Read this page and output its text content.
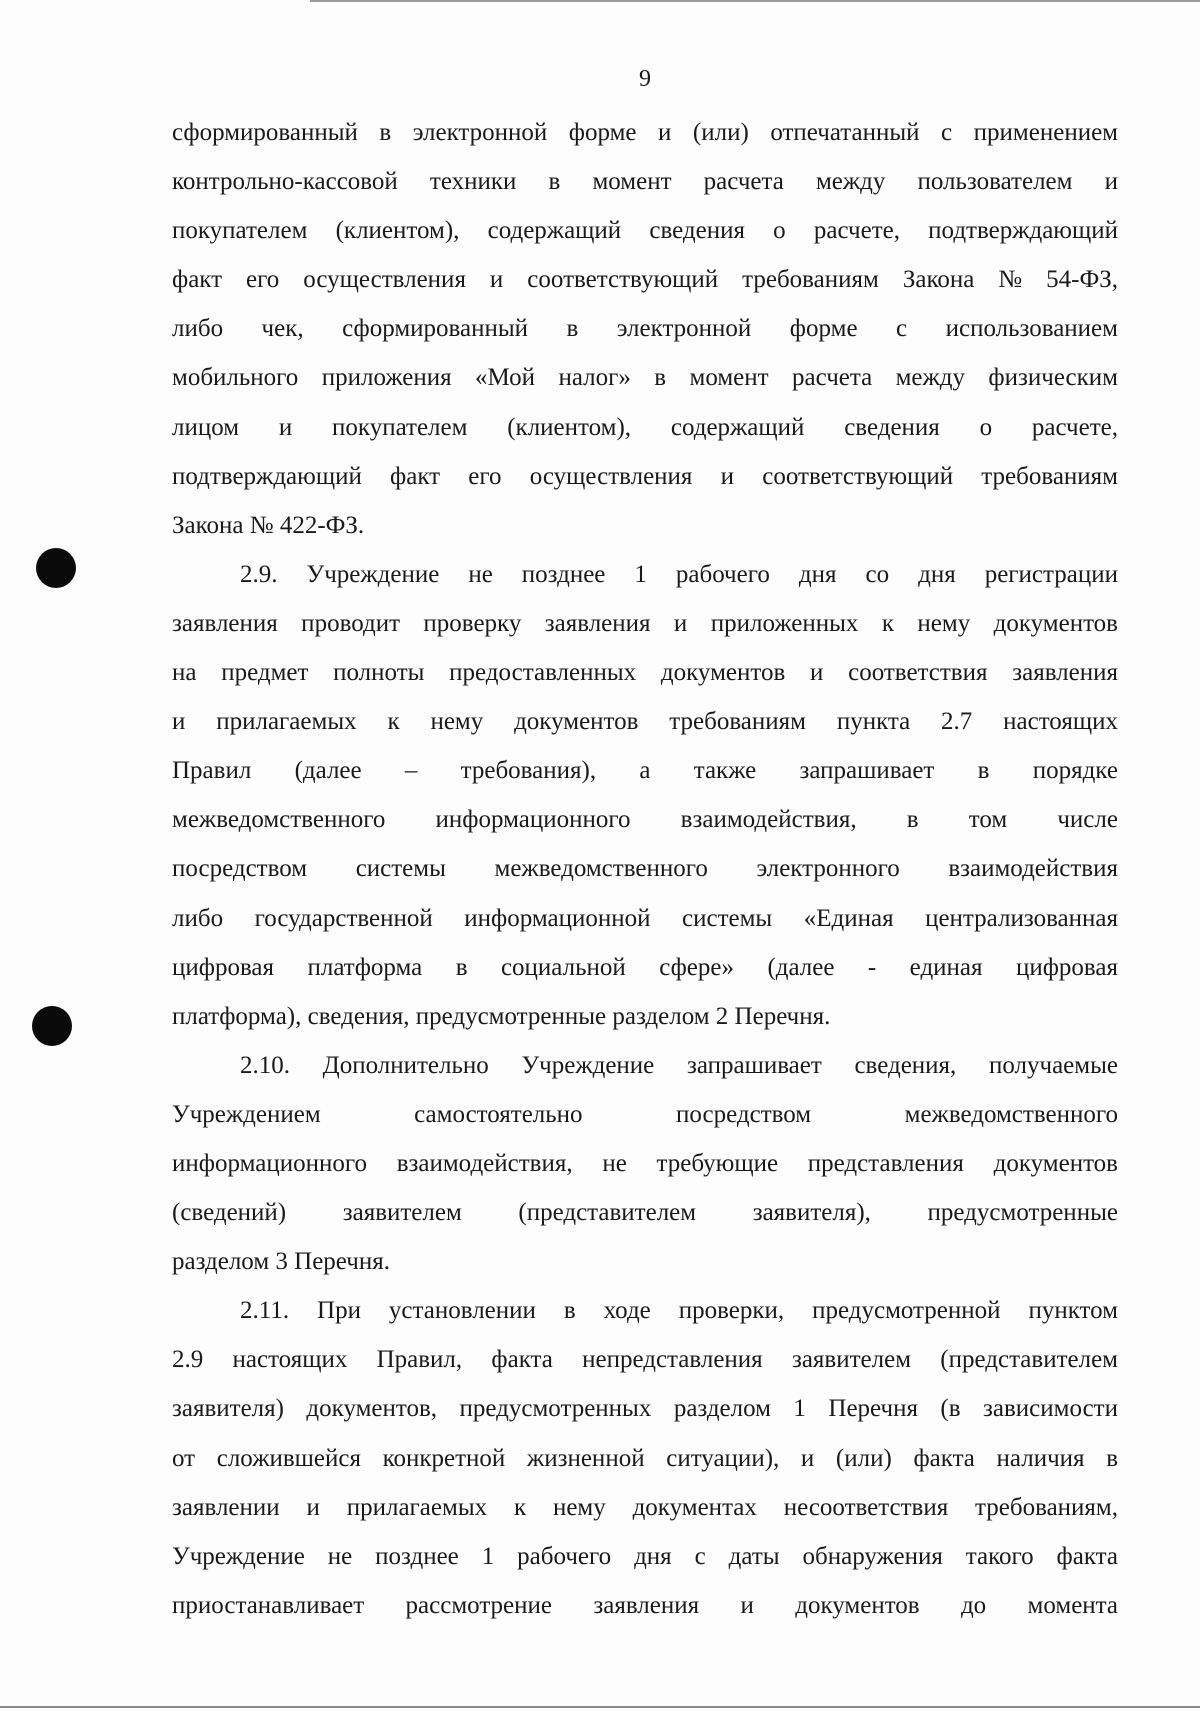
9
сформированный в электронной форме и (или) отпечатанный с применением
контрольно-кассовой техники в момент расчета между пользователем и
покупателем (клиентом), содержащий сведения о расчете, подтверждающий
факт его осуществления и соответствующий требованиям Закона № 54-ФЗ,
либо чек, сформированный в электронной форме с использованием
мобильного приложения «Мой налог» в момент расчета между физическим
лицом и покупателем (клиентом), содержащий сведения о расчете,
подтверждающий факт его осуществления и соответствующий требованиям
Закона № 422-ФЗ.
2.9. Учреждение не позднее 1 рабочего дня со дня регистрации
заявления проводит проверку заявления и приложенных к нему документов
на предмет полноты предоставленных документов и соответствия заявления
и прилагаемых к нему документов требованиям пункта 2.7 настоящих
Правил (далее – требования), а также запрашивает в порядке
межведомственного информационного взаимодействия, в том числе
посредством системы межведомственного электронного взаимодействия
либо государственной информационной системы «Единая централизованная
цифровая платформа в социальной сфере» (далее - единая цифровая
платформа), сведения, предусмотренные разделом 2 Перечня.
2.10. Дополнительно Учреждение запрашивает сведения, получаемые
Учреждением	самостоятельно	посредством	межведомственного
информационного взаимодействия, не требующие представления документов
(сведений) заявителем (представителем заявителя), предусмотренные
разделом 3 Перечня.
2.11. При установлении в ходе проверки, предусмотренной пунктом
2.9 настоящих Правил, факта непредставления заявителем (представителем
заявителя) документов, предусмотренных разделом 1 Перечня (в зависимости
от сложившейся конкретной жизненной ситуации), и (или) факта наличия в
заявлении и прилагаемых к нему документах несоответствия требованиям,
Учреждение не позднее 1 рабочего дня с даты обнаружения такого факта
приостанавливает рассмотрение заявления и документов до момента
